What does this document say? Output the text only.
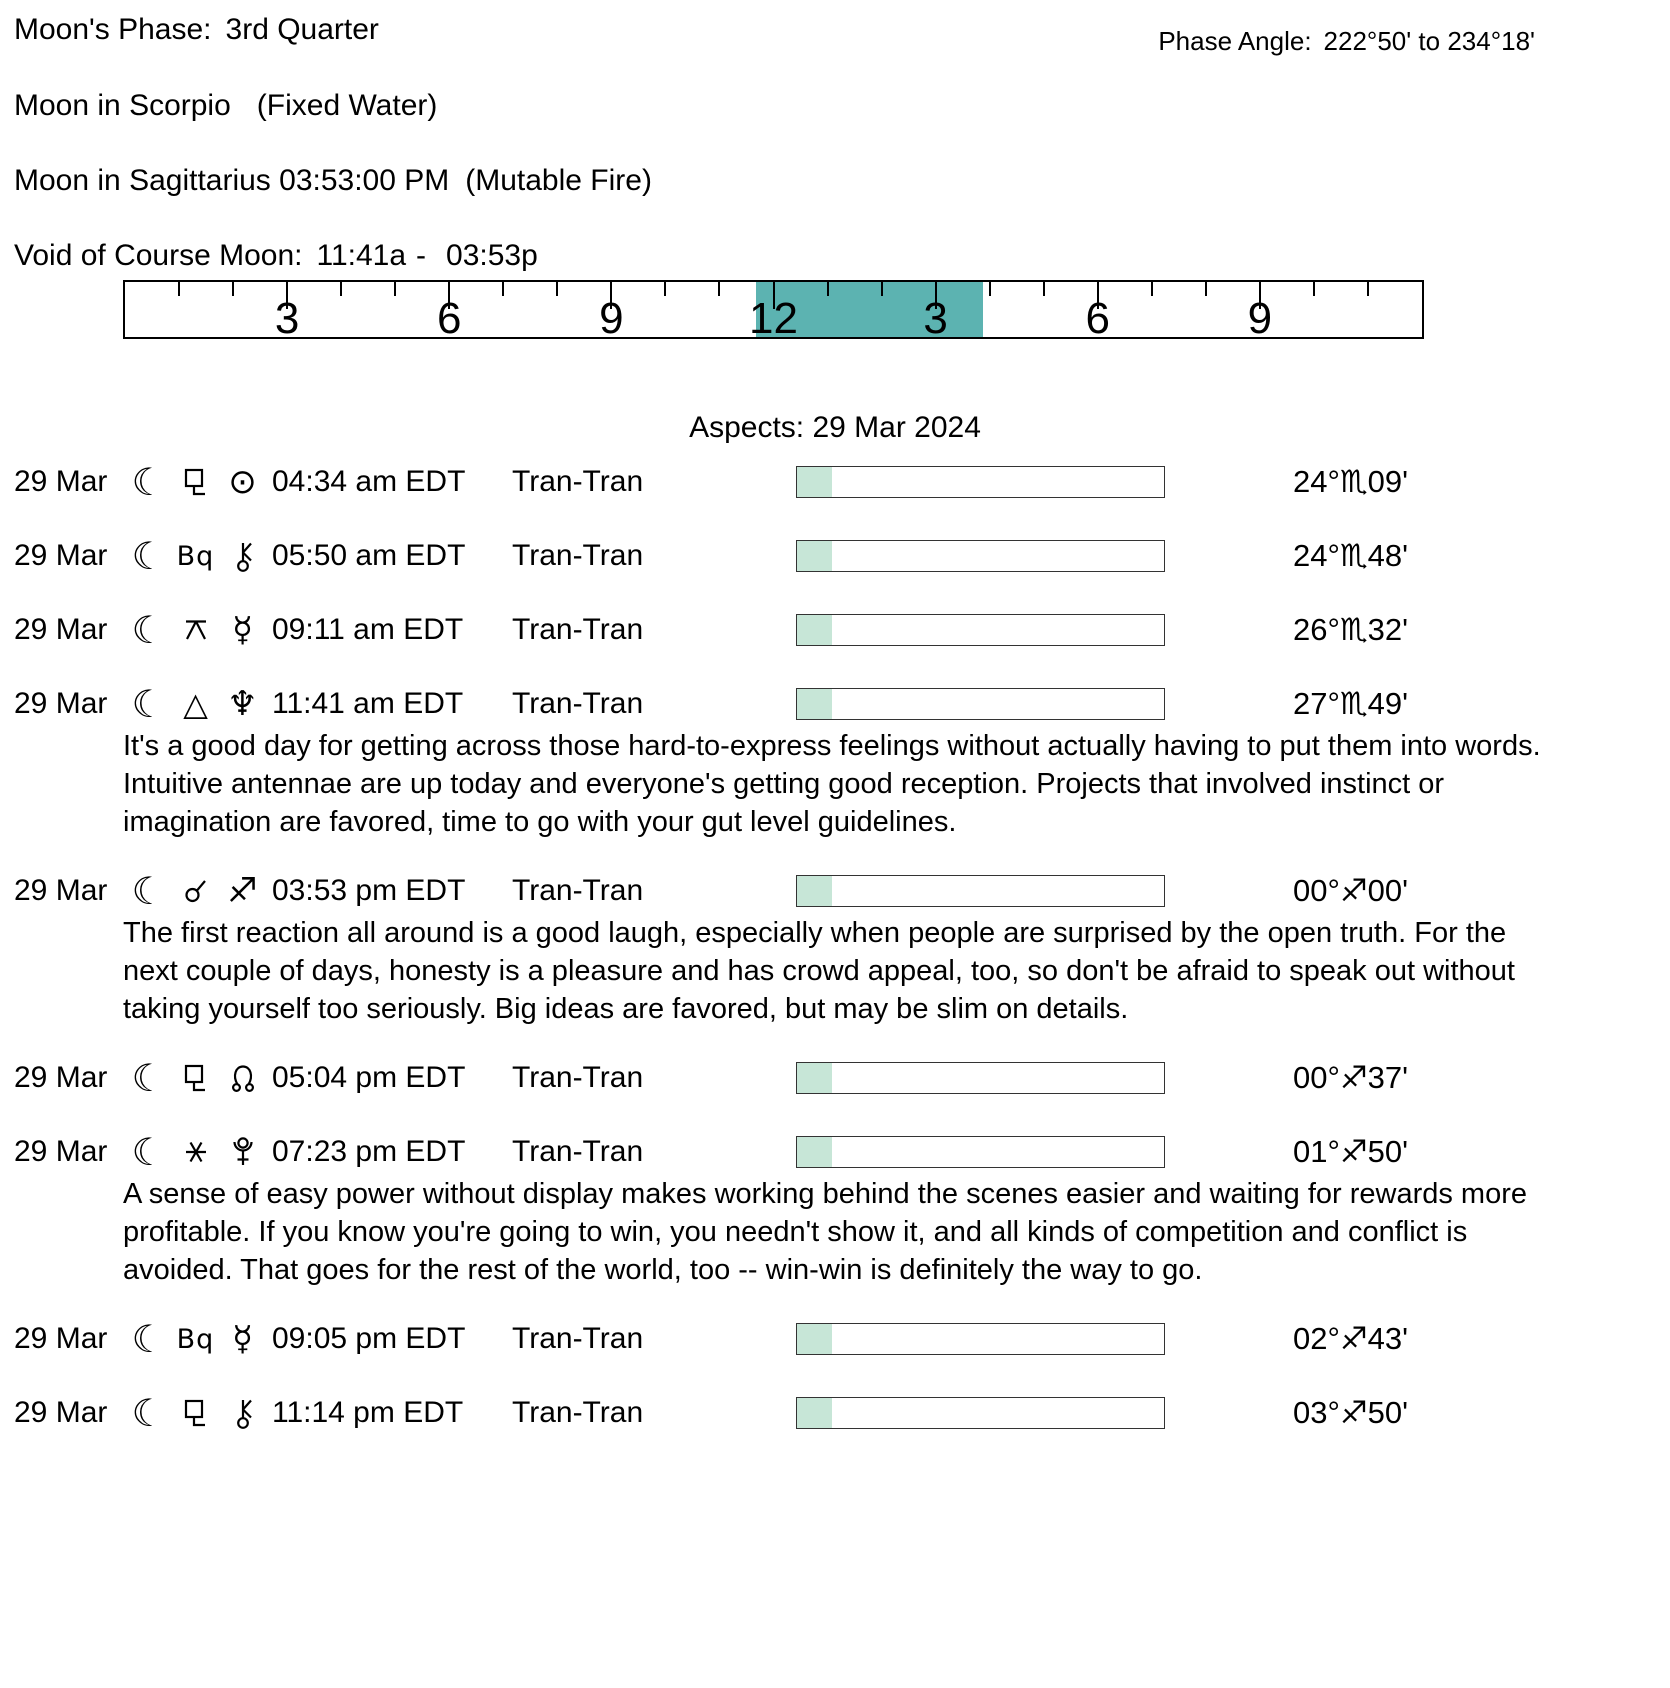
Phase Angle: 222°50' to 234°18'
Moon's Phase: 3rd Quarter
Moon in Scorpio (Fixed Water)
Moon in Sagittarius 03:53:00 PM (Mutable Fire)
Void of Course Moon: 11:41a - 03:53p
3	6	9	12	3	6	9
Aspects: 29 Mar 2024
29 Mar ☾ ⊙ 04:34 am EDT	Tran-Tran	24°♏09'
29 Mar ☾ Bq 05:50 am EDT	Tran-Tran	24°♏48'
29 Mar ☾ ☿ 09:11 am EDT	Tran-Tran	26°♏32'
29 Mar ☾ △ ♆ 11:41 am EDT	Tran-Tran	27°♏49'
It's a good day for getting across those hard-to-express feelings without actually having to put them into words. Intuitive antennae are up today and everyone's getting good reception. Projects that involved instinct or imagination are favored, time to go with your gut level guidelines.
29 Mar ☾ ♐ 03:53 pm EDT	Tran-Tran	00°♐00'
The first reaction all around is a good laugh, especially when people are surprised by the open truth. For the next couple of days, honesty is a pleasure and has crowd appeal, too, so don't be afraid to speak out without taking yourself too seriously. Big ideas are favored, but may be slim on details.
29 Mar ☾	05:04 pm EDT	Tran-Tran	00°♐37'
29 Mar ☾	07:23 pm EDT	Tran-Tran	01°♐50'
A sense of easy power without display makes working behind the scenes easier and waiting for rewards more profitable. If you know you're going to win, you needn't show it, and all kinds of competition and conflict is avoided. That goes for the rest of the world, too -- win-win is definitely the way to go.
29 Mar ☾ Bq ☿ 09:05 pm EDT	Tran-Tran	02°♐43'
29 Mar ☾	11:14 pm EDT	Tran-Tran	03°♐50'
